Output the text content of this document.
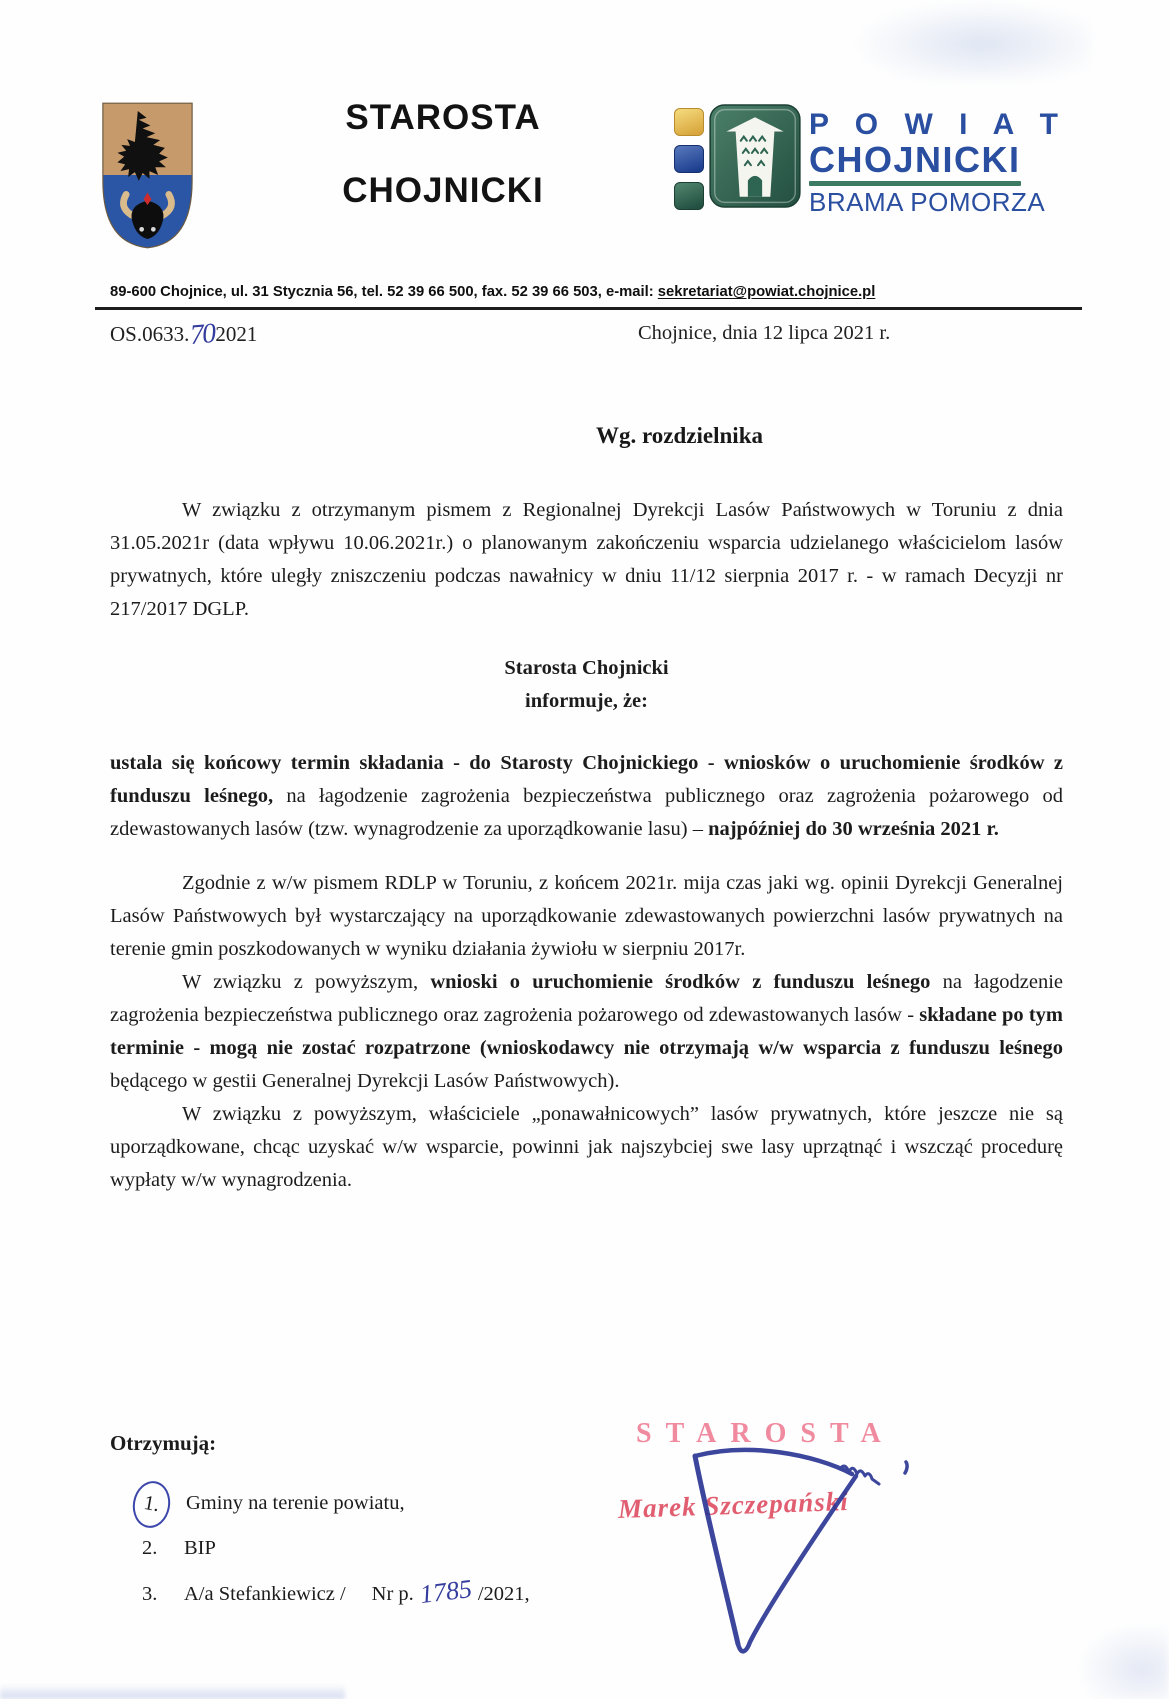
STAROSTA
CHOJNICKI
P O W I A T
CHOJNICKI
BRAMA POMORZA
89-600 Chojnice, ul. 31 Stycznia 56, tel. 52 39 66 500, fax. 52 39 66 503, e-mail: sekretariat@powiat.chojnice.pl
OS.0633.702021	Chojnice, dnia 12 lipca 2021 r.
Wg. rozdzielnika

W związku z otrzymanym pismem z Regionalnej Dyrekcji Lasów Państwowych w Toruniu z dnia 31.05.2021r (data wpływu 10.06.2021r.) o planowanym zakończeniu wsparcia udzielanego właścicielom lasów prywatnych, które uległy zniszczeniu podczas nawałnicy w dniu 11/12 sierpnia 2017 r. - w ramach Decyzji nr 217/2017 DGLP.

Starosta Chojnicki
informuje, że:

ustala się końcowy termin składania - do Starosty Chojnickiego - wniosków o uruchomienie środków z funduszu leśnego, na łagodzenie zagrożenia bezpieczeństwa publicznego oraz zagrożenia pożarowego od zdewastowanych lasów (tzw. wynagrodzenie za uporządkowanie lasu) – najpóźniej do 30 września 2021 r.

Zgodnie z w/w pismem RDLP w Toruniu, z końcem 2021r. mija czas jaki wg. opinii Dyrekcji Generalnej Lasów Państwowych był wystarczający na uporządkowanie zdewastowanych powierzchni lasów prywatnych na terenie gmin poszkodowanych w wyniku działania żywiołu w sierpniu 2017r.

W związku z powyższym, wnioski o uruchomienie środków z funduszu leśnego na łagodzenie zagrożenia bezpieczeństwa publicznego oraz zagrożenia pożarowego od zdewastowanych lasów - składane po tym terminie - mogą nie zostać rozpatrzone (wnioskodawcy nie otrzymają w/w wsparcia z funduszu leśnego będącego w gestii Generalnej Dyrekcji Lasów Państwowych).

W związku z powyższym, właściciele „ponawałnicowych” lasów prywatnych, które jeszcze nie są uporządkowane, chcąc uzyskać w/w wsparcie, powinni jak najszybciej swe lasy uprzątnąć i wszcząć procedurę wypłaty w/w wynagrodzenia.

Otrzymują:
1. Gminy na terenie powiatu,
2. BIP
3. A/a Stefankiewicz / Nr p. 1785 /2021,
STAROSTA
Marek Szczepański
